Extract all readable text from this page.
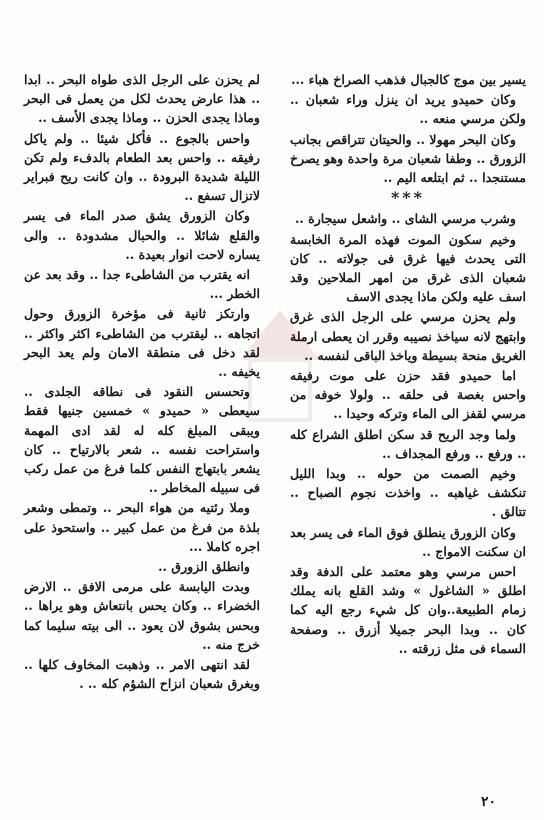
يسير بين موج كالجبال فذهب الصراخ هباء ...

وكان حميدو يريد ان ينزل وراء شعبان .. ولكن مرسي منعه ..

وكان البحر مهولا .. والحيتان تتراقص بجانب الزورق .. وطفا شعبان مرة واحدة وهو يصرخ مستنجدا .. ثم ابتلعه اليم ..

***

وشرب مرسي الشاى .. واشعل سيجارة ..

وخيم سكون الموت فهذه المرة الخابسة التى يحدث فيها غرق فى جولاته .. كان شعبان الذى غرق من امهر الملاحين وقد اسف عليه ولكن ماذا يجدى الاسف

ولم يحزن مرسي على الرجل الذى غرق وابتهج لانه سياخذ نصيبه وقرر ان يعطى ارملة الغريق منحة بسيطة وياخذ الباقى لنفسه ..

اما حميدو فقد حزن على موت رفيقه واحس بغصة فى حلقه .. ولولا خوفه من مرسي لقفز الى الماء وتركه وحيدا ..

ولما وجد الريح قد سكن اطلق الشراع كله .. ورفع .. ورفع المجداف ..

وخيم الصمت من حوله .. وبدا الليل تنكشف غياهبه .. واخذت نجوم الصباح .. تتالق .

وكان الزورق ينطلق فوق الماء فى يسر بعد ان سكنت الامواج ..

احس مرسي وهو معتمد على الدفة وقد اطلق « الشاغول » وشد القلع بانه يملك زمام الطبيعة..وان كل شيء رجع اليه كما كان .. وبدا البحر جميلا أزرق .. وصفحة السماء فى مثل زرقته ..

لم يحزن على الرجل الذى طواه البحر .. ابدا .. هذا عارض يحدث لكل من يعمل فى البحر وماذا يجدى الحزن .. وماذا يجدى الأسف ..

واحس بالجوع .. فأكل شيئا .. ولم ياكل رفيقه .. واحس بعد الطعام بالدفء ولم تكن الليلة شديدة البرودة .. وان كانت ريح فبراير لاتزال تسفع ..

وكان الزورق يشق صدر الماء فى يسر والقلع شائلا .. والحبال مشدودة .. والى يساره لاحت انوار بعيدة ..

انه يقترب من الشاطىء جدا .. وقد بعد عن الخطر ...

وارتكز ثانية فى مؤخرة الزورق وحول اتجاهه .. ليقترب من الشاطىء اكثر واكثر .. لقد دخل فى منطقة الامان ولم يعد البحر يخيفه ..

وتحسس النقود فى نطاقه الجلدى .. سيعطى « حميدو » خمسين جنيها فقط ويبقى المبلغ كله له لقد ادى المهمة واستراحت نفسه .. شعر بالارتياح .. كان يشعر بابتهاج النفس كلما فرغ من عمل ركب فى سبيله المخاطر ..

وملا رئتيه من هواء البحر .. وتمطى وشعر بلذة من فرغ من عمل كبير .. واستحوذ على اجره كاملا ...

وانطلق الزورق ..

وبدت اليابسة على مرمى الافق .. الارض الخضراء .. وكان يحس بانتعاش وهو يراها .. وبحس بشوق لان يعود .. الى بيته سليما كما خرج منه ..

لقد انتهى الامر .. وذهبت المخاوف كلها .. وبغرق شعبان انزاح الشؤم كله .. .

٢٠
